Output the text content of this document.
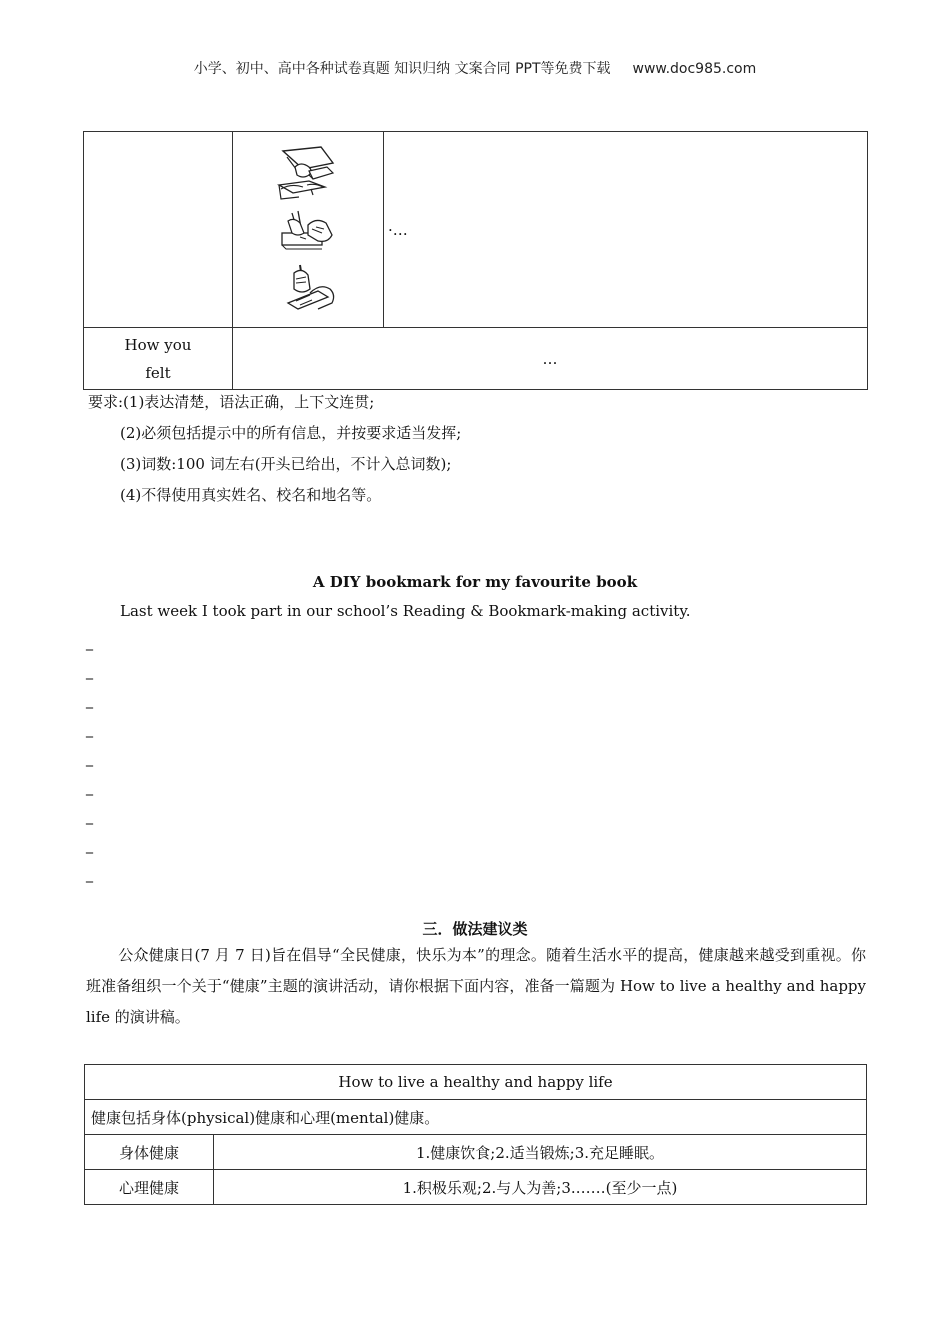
小学、初中、高中各种试卷真题 知识归纳 文案合同 PPT等免费下载 www.doc985.com

	·…
How you
felt	…	

要求:(1)表达清楚，语法正确，上下文连贯;

(2)必须包括提示中的所有信息，并按要求适当发挥;

(3)词数:100 词左右(开头已给出，不计入总词数);

(4)不得使用真实姓名、校名和地名等。

A DIY bookmark for my favourite book
Last week I took part in our school’s Reading & Bookmark-making activity.
_
_
_
_
_
_
_
_
_
三．做法建议类
公众健康日(7 月 7 日)旨在倡导“全民健康，快乐为本”的理念。随着生活水平的提高，健康越来越受到重视。你班准备组织一个关于“健康”主题的演讲活动，请你根据下面内容，准备一篇题为 How to live a healthy and happy life 的演讲稿。
How to live a healthy and happy life	
健康包括身体(physical)健康和心理(mental)健康。	
身体健康	1.健康饮食;2.适当锻炼;3.充足睡眠。
心理健康	1.积极乐观;2.与人为善;3.……(至少一点)
